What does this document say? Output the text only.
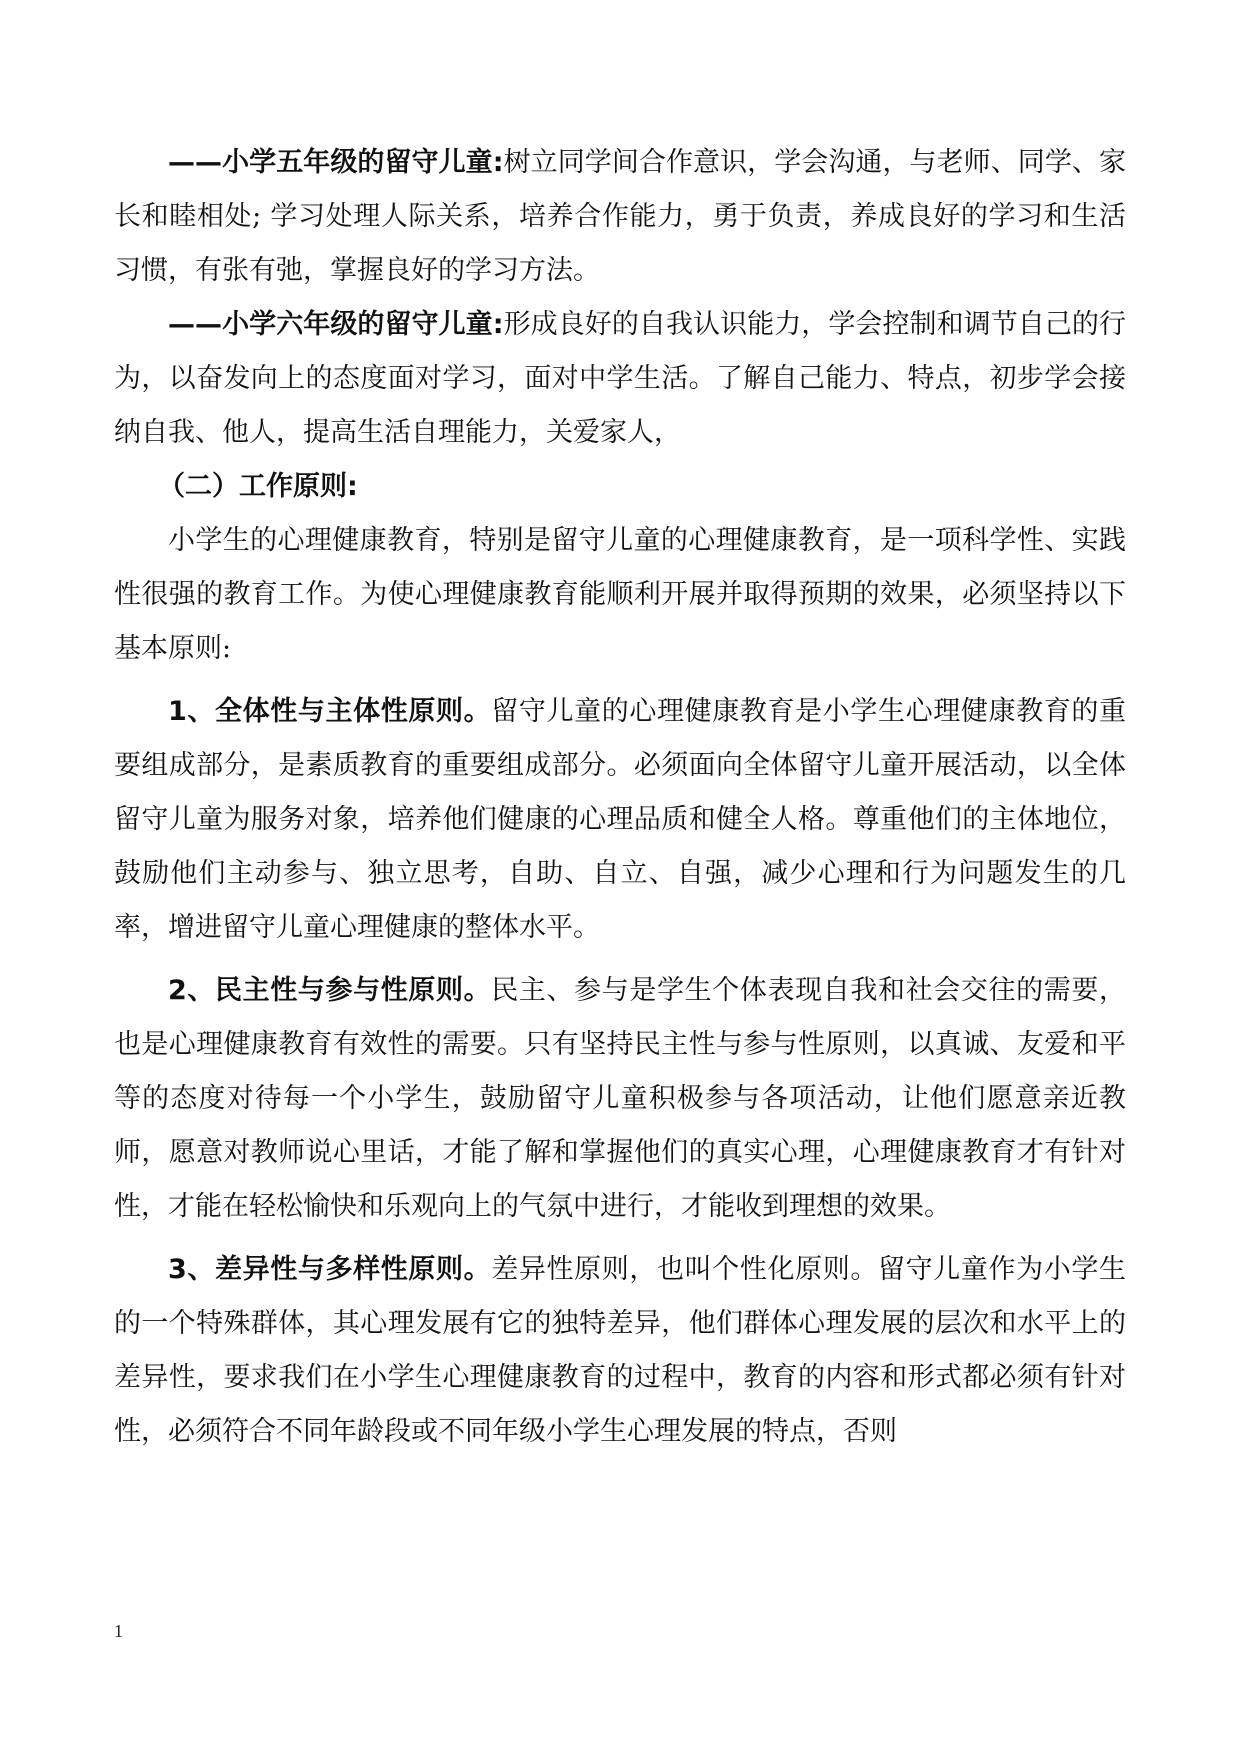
——小学五年级的留守儿童:树立同学间合作意识，学会沟通，与老师、同学、家长和睦相处; 学习处理人际关系，培养合作能力，勇于负责，养成良好的学习和生活习惯，有张有弛，掌握良好的学习方法。

——小学六年级的留守儿童:形成良好的自我认识能力，学会控制和调节自己的行为，以奋发向上的态度面对学习，面对中学生活。了解自己能力、特点，初步学会接纳自我、他人，提高生活自理能力，关爱家人，

（二）工作原则:

小学生的心理健康教育，特别是留守儿童的心理健康教育，是一项科学性、实践性很强的教育工作。为使心理健康教育能顺利开展并取得预期的效果，必须坚持以下基本原则:

1、全体性与主体性原则。留守儿童的心理健康教育是小学生心理健康教育的重要组成部分，是素质教育的重要组成部分。必须面向全体留守儿童开展活动，以全体留守儿童为服务对象，培养他们健康的心理品质和健全人格。尊重他们的主体地位，鼓励他们主动参与、独立思考，自助、自立、自强，减少心理和行为问题发生的几率，增进留守儿童心理健康的整体水平。

2、民主性与参与性原则。民主、参与是学生个体表现自我和社会交往的需要，也是心理健康教育有效性的需要。只有坚持民主性与参与性原则，以真诚、友爱和平等的态度对待每一个小学生，鼓励留守儿童积极参与各项活动，让他们愿意亲近教师，愿意对教师说心里话，才能了解和掌握他们的真实心理，心理健康教育才有针对性，才能在轻松愉快和乐观向上的气氛中进行，才能收到理想的效果。

3、差异性与多样性原则。差异性原则，也叫个性化原则。留守儿童作为小学生的一个特殊群体，其心理发展有它的独特差异，他们群体心理发展的层次和水平上的差异性，要求我们在小学生心理健康教育的过程中，教育的内容和形式都必须有针对性，必须符合不同年龄段或不同年级小学生心理发展的特点，否则

1
